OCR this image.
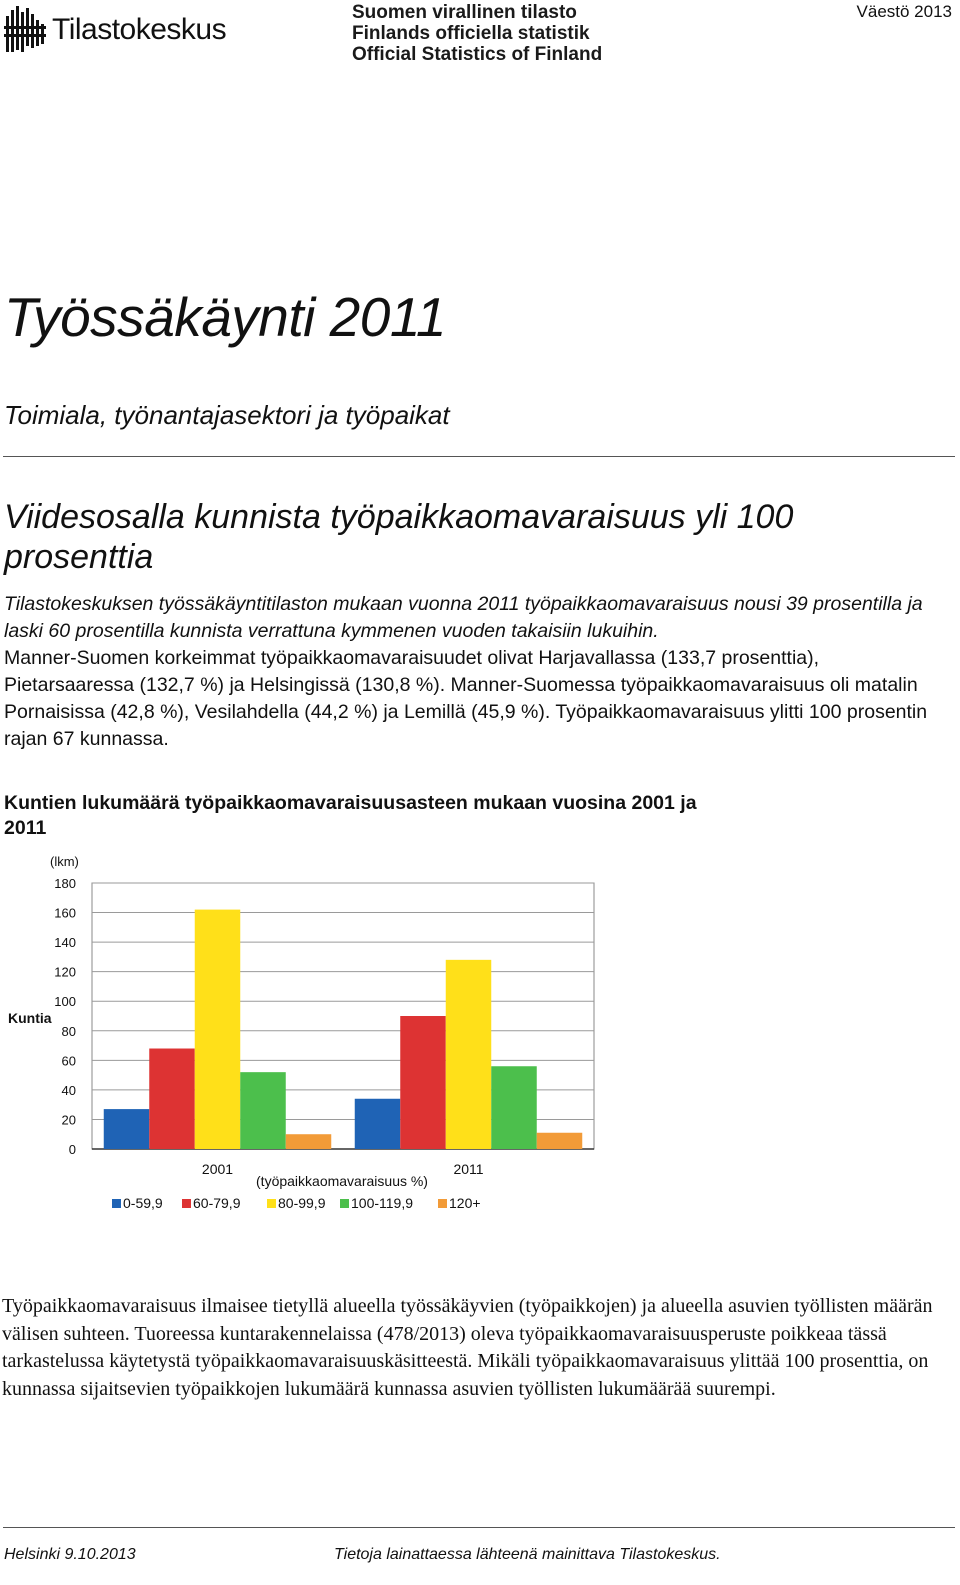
Tilastokeskus
Suomen virallinen tilasto
Finlands officiella statistik
Official Statistics of Finland
Väestö 2013
Työssäkäynti 2011
Toimiala, työnantajasektori ja työpaikat
Viidesosalla kunnista työpaikkaomavaraisuus yli 100 prosenttia
Tilastokeskuksen työssäkäyntitilaston mukaan vuonna 2011 työpaikkaomavaraisuus nousi 39 prosentilla ja laski 60 prosentilla kunnista verrattuna kymmenen vuoden takaisiin lukuihin.
Manner-Suomen korkeimmat työpaikkaomavaraisuudet olivat Harjavallassa (133,7 prosenttia), Pietarsaaressa (132,7 %) ja Helsingissä (130,8 %). Manner-Suomessa työpaikkaomavaraisuus oli matalin Pornaisissa (42,8 %), Vesilahdella (44,2 %) ja Lemillä (45,9 %). Työpaikkaomavaraisuus ylitti 100 prosentin rajan 67 kunnassa.
Kuntien lukumäärä työpaikkaomavaraisuusasteen mukaan vuosina 2001 ja 2011
0
20
40
60
80
100
120
140
160
180
2001	2011
(lkm)
Kuntia
(työpaikkaomavaraisuus %)
0-59,9 60-79,9	80-99,9 100-119,9	120+
Työpaikkaomavaraisuus ilmaisee tietyllä alueella työssäkäyvien (työpaikkojen) ja alueella asuvien työllisten määrän välisen suhteen. Tuoreessa kuntarakennelaissa (478/2013) oleva työpaikkaomavaraisuusperuste poikkeaa tässä tarkastelussa käytetystä työpaikkaomavaraisuuskäsitteestä. Mikäli työpaikkaomavaraisuus ylittää 100 prosenttia, on kunnassa sijaitsevien työpaikkojen lukumäärä kunnassa asuvien työllisten lukumäärää suurempi.
Helsinki 9.10.2013	Tietoja lainattaessa lähteenä mainittava Tilastokeskus.
